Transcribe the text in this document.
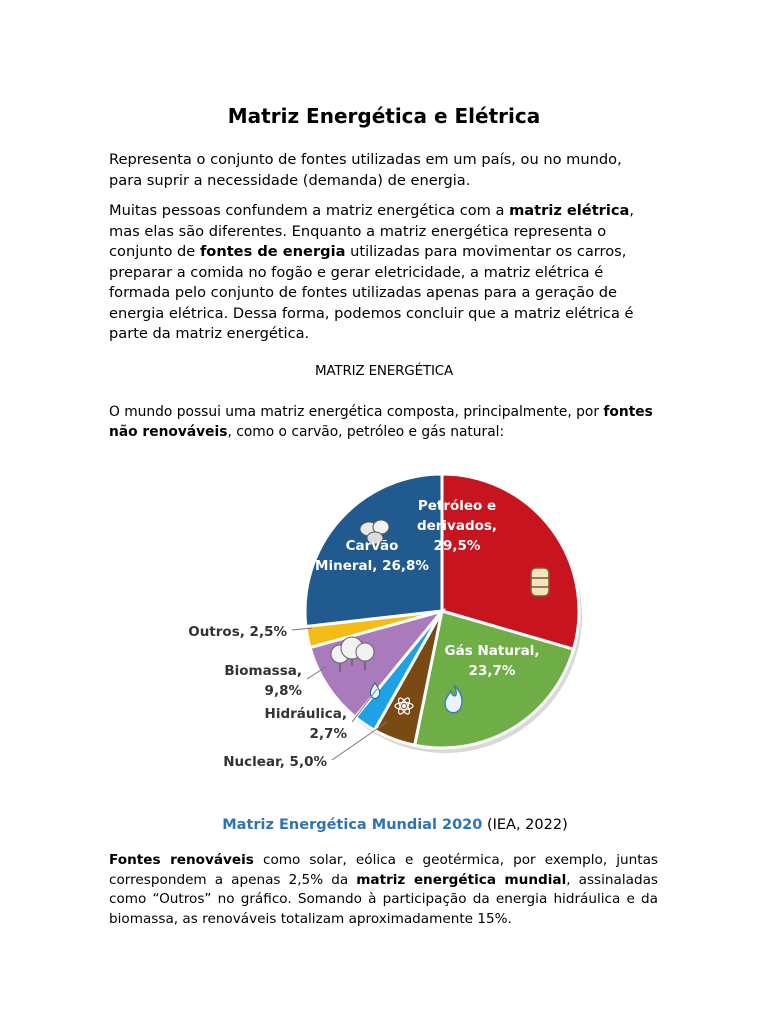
Matriz Energética e Elétrica

Representa o conjunto de fontes utilizadas em um país, ou no mundo, para suprir a necessidade (demanda) de energia.

Muitas pessoas confundem a matriz energética com a matriz elétrica, mas elas são diferentes. Enquanto a matriz energética representa o conjunto de fontes de energia utilizadas para movimentar os carros, preparar a comida no fogão e gerar eletricidade, a matriz elétrica é formada pelo conjunto de fontes utilizadas apenas para a geração de energia elétrica. Dessa forma, podemos concluir que a matriz elétrica é parte da matriz energética.

MATRIZ ENERGÉTICA

O mundo possui uma matriz energética composta, principalmente, por fontes não renováveis, como o carvão, petróleo e gás natural:

Petróleo e
derivados,
29,5%
Gás Natural,
23,7%
Nuclear, 5,0%
Hidráulica,
2,7%
Biomassa,
9,8%
Outros, 2,5%
Carvão
Mineral, 26,8%
Matriz Energética Mundial 2020 (IEA, 2022)

Fontes renováveis como solar, eólica e geotérmica, por exemplo, juntas correspondem a apenas 2,5% da matriz energética mundial, assinaladas como “Outros” no gráfico. Somando à participação da energia hidráulica e da biomassa, as renováveis totalizam aproximadamente 15%.
